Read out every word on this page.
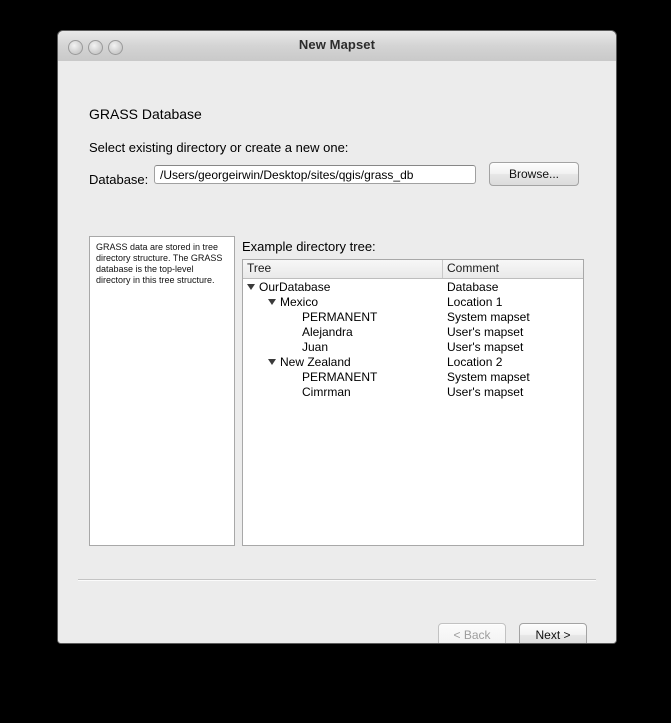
New Mapset
GRASS Database
Select existing directory or create a new one:
Database:
/Users/georgeirwin/Desktop/sites/qgis/grass_db	Browse...
GRASS data are stored in tree directory structure. The GRASS database is the top-level directory in this tree structure.
Example directory tree:
Tree	Comment
OurDatabase	Database
Mexico	Location 1
PERMANENT	System mapset
Alejandra	User's mapset
Juan	User's mapset
New Zealand	Location 2
PERMANENT	System mapset
Cimrman	User's mapset
< Back	Next >
